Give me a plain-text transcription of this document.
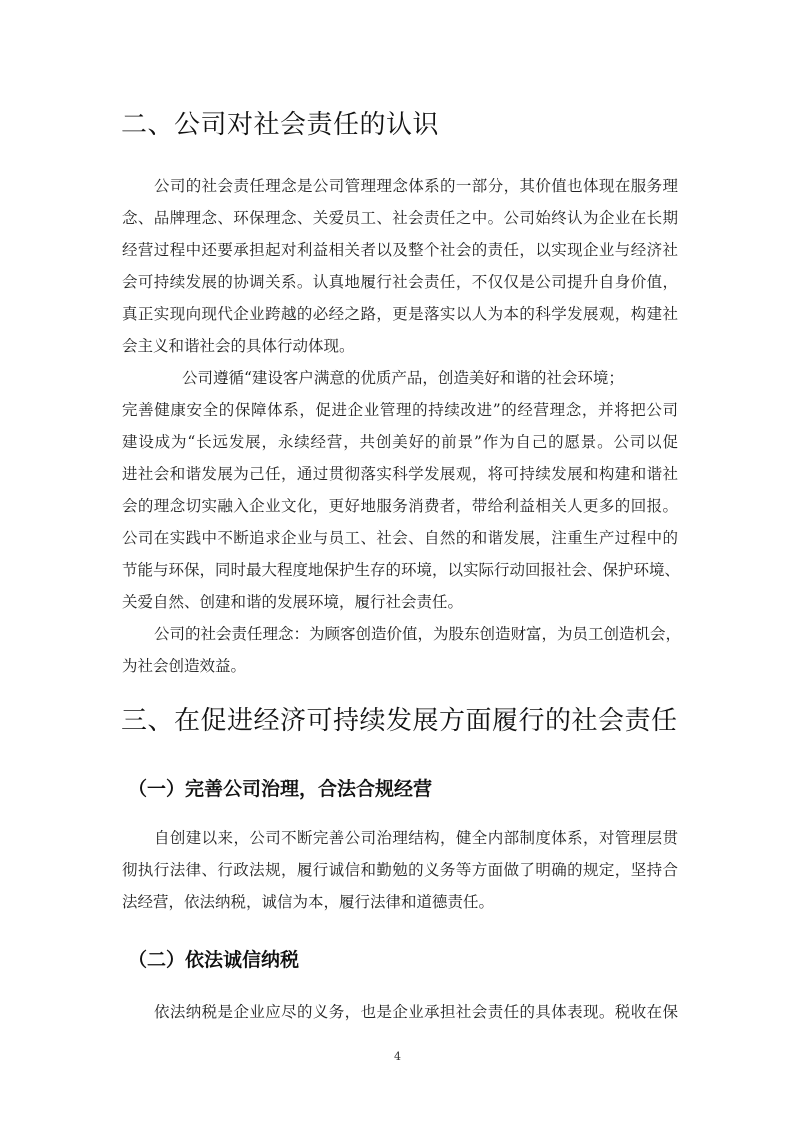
二、公司对社会责任的认识
公司的社会责任理念是公司管理理念体系的一部分，其价值也体现在服务理
念、品牌理念、环保理念、关爱员工、社会责任之中。公司始终认为企业在长期
经营过程中还要承担起对利益相关者以及整个社会的责任，以实现企业与经济社
会可持续发展的协调关系。认真地履行社会责任，不仅仅是公司提升自身价值，
真正实现向现代企业跨越的必经之路，更是落实以人为本的科学发展观，构建社
会主义和谐社会的具体行动体现。
公司遵循“建设客户满意的优质产品，创造美好和谐的社会环境；
完善健康安全的保障体系，促进企业管理的持续改进”的经营理念，并将把公司
建设成为“长远发展，永续经营，共创美好的前景”作为自己的愿景。公司以促
进社会和谐发展为己任，通过贯彻落实科学发展观，将可持续发展和构建和谐社
会的理念切实融入企业文化，更好地服务消费者，带给利益相关人更多的回报。
公司在实践中不断追求企业与员工、社会、自然的和谐发展，注重生产过程中的
节能与环保，同时最大程度地保护生存的环境，以实际行动回报社会、保护环境、
关爱自然、创建和谐的发展环境，履行社会责任。
公司的社会责任理念：为顾客创造价值，为股东创造财富，为员工创造机会，
为社会创造效益。
三、在促进经济可持续发展方面履行的社会责任
（一）完善公司治理，合法合规经营
自创建以来，公司不断完善公司治理结构，健全内部制度体系，对管理层贯
彻执行法律、行政法规，履行诚信和勤勉的义务等方面做了明确的规定，坚持合
法经营，依法纳税，诚信为本，履行法律和道德责任。
（二）依法诚信纳税
依法纳税是企业应尽的义务，也是企业承担社会责任的具体表现。税收在保
4
